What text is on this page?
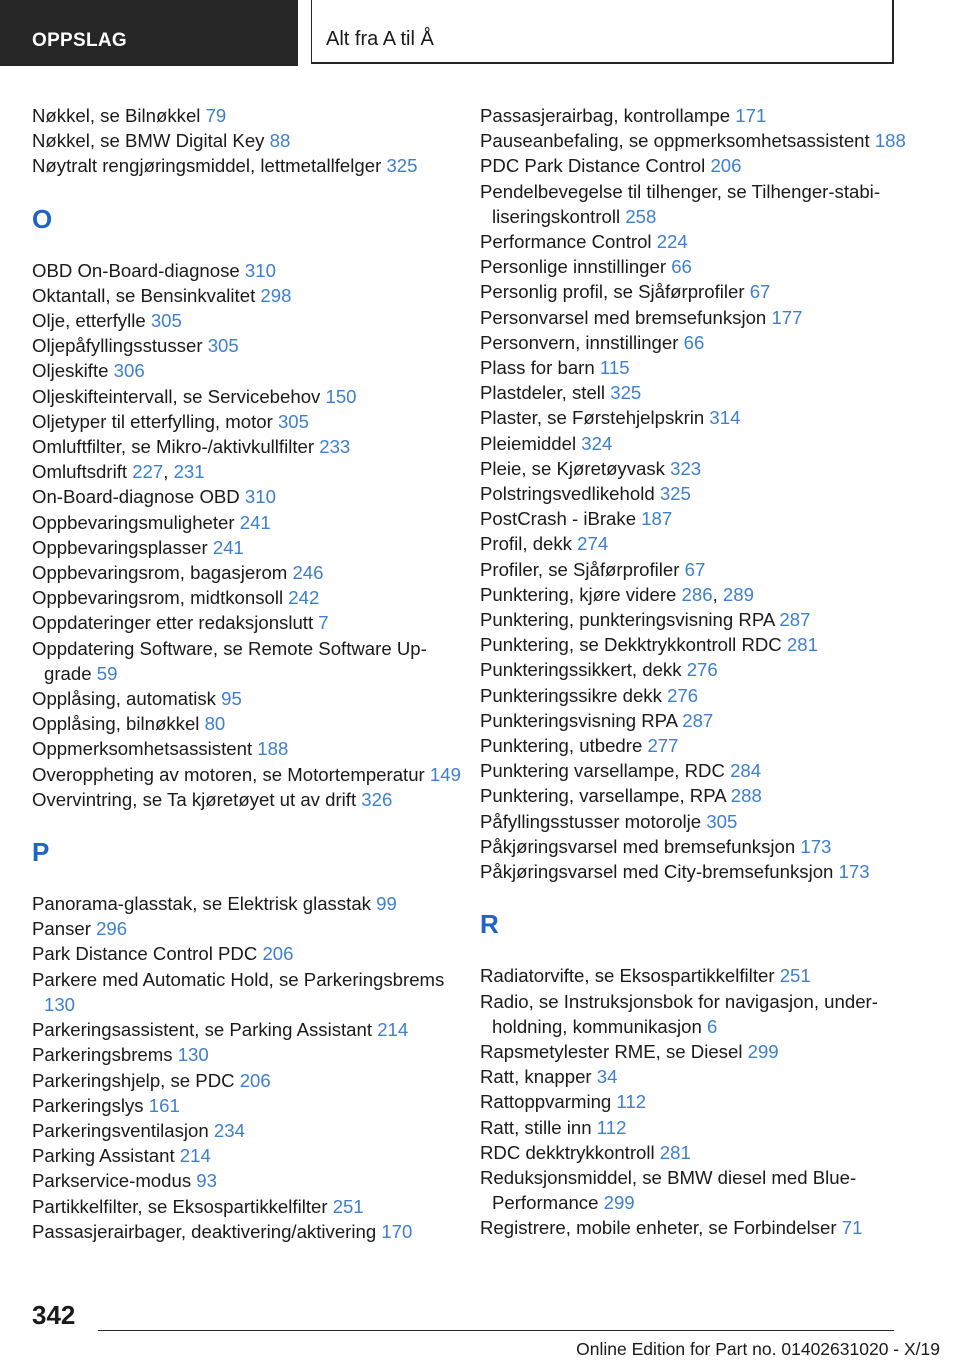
OPPSLAG	Alt fra A til Å
Nøkkel, se Bilnøkkel 79
Nøkkel, se BMW Digital Key 88
Nøytralt rengjøringsmiddel, lettmetallfelger 325
O
OBD On-Board-diagnose 310
Oktantall, se Bensinkvalitet 298
Olje, etterfylle 305
Oljepåfyllingsstusser 305
Oljeskifte 306
Oljeskifteintervall, se Servicebehov 150
Oljetyper til etterfylling, motor 305
Omluftfilter, se Mikro-/aktivkullfilter 233
Omluftsdrift 227, 231
On-Board-diagnose OBD 310
Oppbevaringsmuligheter 241
Oppbevaringsplasser 241
Oppbevaringsrom, bagasjerom 246
Oppbevaringsrom, midtkonsoll 242
Oppdateringer etter redaksjonslutt 7
Oppdatering Software, se Remote Software Upgrade 59
Opplåsing, automatisk 95
Opplåsing, bilnøkkel 80
Oppmerksomhetsassistent 188
Overoppheting av motoren, se Motortemperatur 149
Overvintring, se Ta kjøretøyet ut av drift 326
P
Panorama-glasstak, se Elektrisk glasstak 99
Panser 296
Park Distance Control PDC 206
Parkere med Automatic Hold, se Parkeringsbrems 130
Parkeringsassistent, se Parking Assistant 214
Parkeringsbrems 130
Parkeringshjelp, se PDC 206
Parkeringslys 161
Parkeringsventilasjon 234
Parking Assistant 214
Parkservice-modus 93
Partikkelfilter, se Eksospartikkelfilter 251
Passasjerairbager, deaktivering/aktivering 170
Passasjerairbag, kontrollampe 171
Pauseanbefaling, se oppmerksomhetsassistent 188
PDC Park Distance Control 206
Pendelbevegelse til tilhenger, se Tilhenger-stabiliseringskontroll 258
Performance Control 224
Personlige innstillinger 66
Personlig profil, se Sjåførprofiler 67
Personvarsel med bremsefunksjon 177
Personvern, innstillinger 66
Plass for barn 115
Plastdeler, stell 325
Plaster, se Førstehjelpskrin 314
Pleiemiddel 324
Pleie, se Kjøretøyvask 323
Polstringsvedlikehold 325
PostCrash - iBrake 187
Profil, dekk 274
Profiler, se Sjåførprofiler 67
Punktering, kjøre videre 286, 289
Punktering, punkteringsvisning RPA 287
Punktering, se Dekktrykkontroll RDC 281
Punkteringssikkert, dekk 276
Punkteringssikre dekk 276
Punkteringsvisning RPA 287
Punktering, utbedre 277
Punktering varsellampe, RDC 284
Punktering, varsellampe, RPA 288
Påfyllingsstusser motorolje 305
Påkjøringsvarsel med bremsefunksjon 173
Påkjøringsvarsel med City-bremsefunksjon 173
R
Radiatorvifte, se Eksospartikkelfilter 251
Radio, se Instruksjonsbok for navigasjon, underholdning, kommunikasjon 6
Rapsmetylester RME, se Diesel 299
Ratt, knapper 34
Rattoppvarming 112
Ratt, stille inn 112
RDC dekktrykkontroll 281
Reduksjonsmiddel, se BMW diesel med BluePerformance 299
Registrere, mobile enheter, se Forbindelser 71
342
Online Edition for Part no. 01402631020 - X/19
